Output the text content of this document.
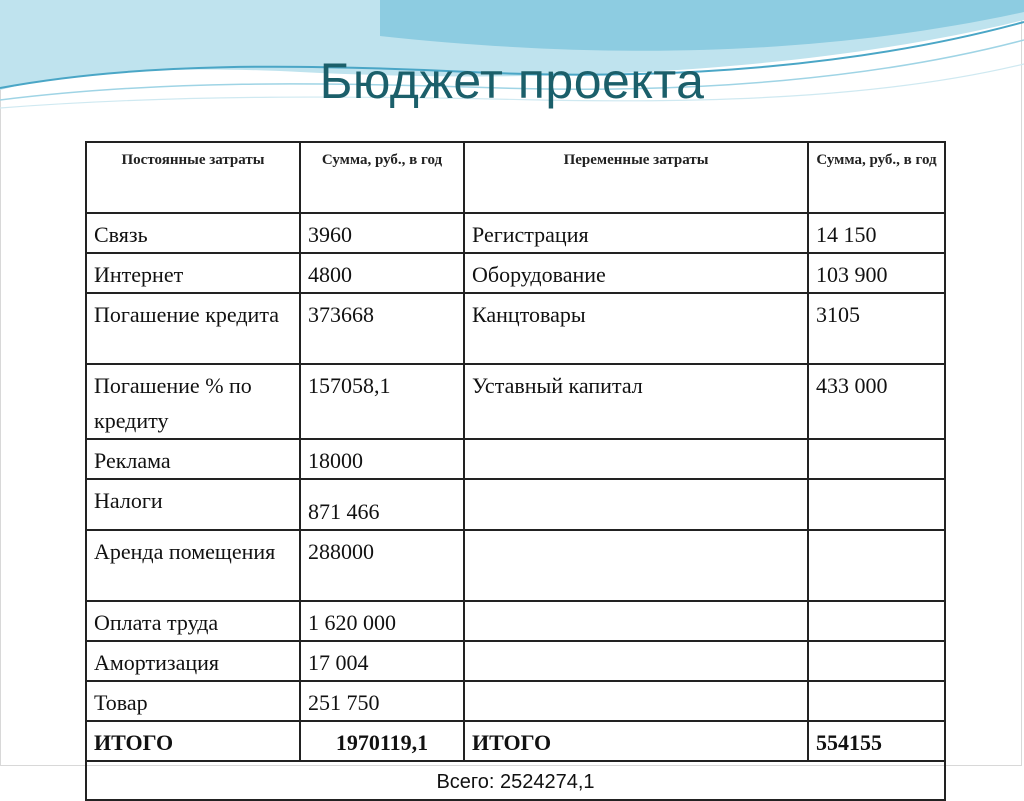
Бюджет проекта
Постоянные затраты	Сумма, руб., в год	Переменные затраты	Сумма, руб., в год
Связь	3960	Регистрация	14 150
Интернет	4800	Оборудование	103 900
Погашение кредита	373668	Канцтовары	3105
Погашение % по кредиту	157058,1	Уставный капитал	433 000
Реклама	18000		
Налоги	871 466		
Аренда помещения	288000		
Оплата труда	1 620 000		
Амортизация	17 004		
Товар	251 750		
ИТОГО	1970119,1	ИТОГО	554155
Всего: 2524274,1			
